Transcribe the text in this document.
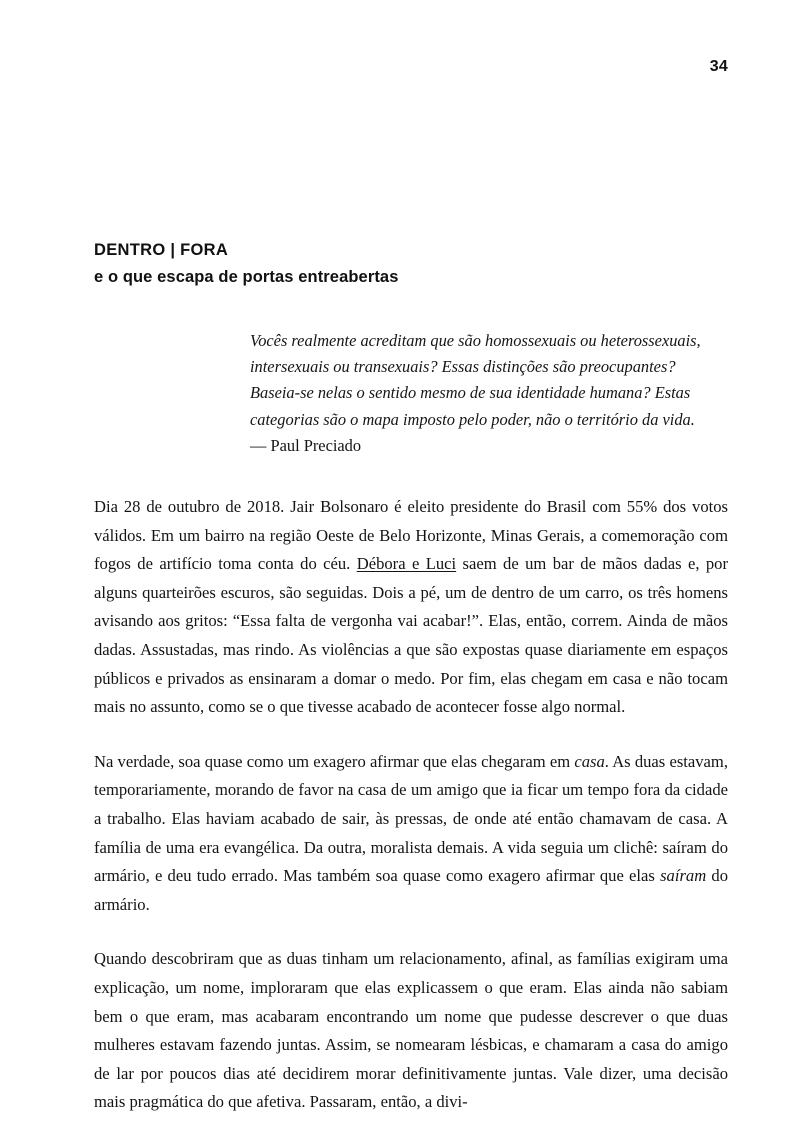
34
DENTRO | FORA
e o que escapa de portas entreabertas
Vocês realmente acreditam que são homossexuais ou heterossexuais, intersexuais ou transexuais? Essas distinções são preocupantes? Baseia-se nelas o sentido mesmo de sua identidade humana? Estas categorias são o mapa imposto pelo poder, não o território da vida.
— Paul Preciado

Dia 28 de outubro de 2018. Jair Bolsonaro é eleito presidente do Brasil com 55% dos votos válidos. Em um bairro na região Oeste de Belo Horizonte, Minas Gerais, a comemoração com fogos de artifício toma conta do céu. Débora e Luci saem de um bar de mãos dadas e, por alguns quarteirões escuros, são seguidas. Dois a pé, um de dentro de um carro, os três homens avisando aos gritos: “Essa falta de vergonha vai acabar!”. Elas, então, correm. Ainda de mãos dadas. Assustadas, mas rindo. As violências a que são expostas quase diariamente em espaços públicos e privados as ensinaram a domar o medo. Por fim, elas chegam em casa e não tocam mais no assunto, como se o que tivesse acabado de acontecer fosse algo normal.

Na verdade, soa quase como um exagero afirmar que elas chegaram em casa. As duas estavam, temporariamente, morando de favor na casa de um amigo que ia ficar um tempo fora da cidade a trabalho. Elas haviam acabado de sair, às pressas, de onde até então chamavam de casa. A família de uma era evangélica. Da outra, moralista demais. A vida seguia um clichê: saíram do armário, e deu tudo errado. Mas também soa quase como exagero afirmar que elas saíram do armário.

Quando descobriram que as duas tinham um relacionamento, afinal, as famílias exigiram uma explicação, um nome, imploraram que elas explicassem o que eram. Elas ainda não sabiam bem o que eram, mas acabaram encontrando um nome que pudesse descrever o que duas mulheres estavam fazendo juntas. Assim, se nomearam lésbicas, e chamaram a casa do amigo de lar por poucos dias até decidirem morar definitivamente juntas. Vale dizer, uma decisão mais pragmática do que afetiva. Passaram, então, a divi-
